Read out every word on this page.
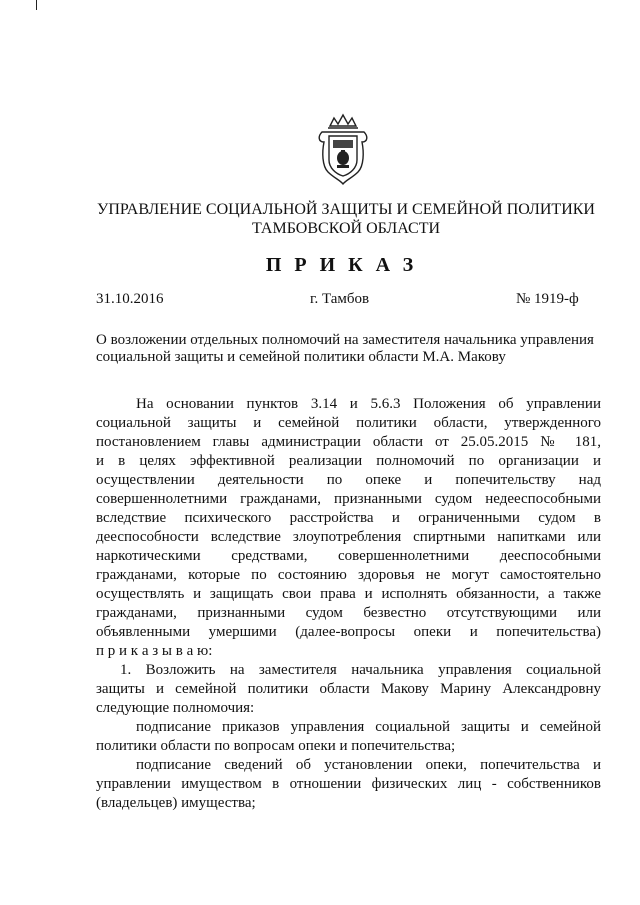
УПРАВЛЕНИЕ СОЦИАЛЬНОЙ ЗАЩИТЫ И СЕМЕЙНОЙ ПОЛИТИКИ
ТАМБОВСКОЙ ОБЛАСТИ
ПРИКАЗ
31.10.2016	г. Тамбов	№ 1919-ф

О возложении отдельных полномочий на заместителя начальника управления

социальной защиты и семейной политики области М.А. Макову

На основании пунктов 3.14 и 5.6.3 Положения об управлении
социальной защиты и семейной политики области, утвержденного
постановлением главы администрации области от 25.05.2015 № 181,
и в целях эффективной реализации полномочий по организации и
осуществлении деятельности по опеке и попечительству над
совершеннолетними гражданами, признанными судом недееспособными
вследствие психического расстройства и ограниченными судом в
дееспособности вследствие злоупотребления спиртными напитками или
наркотическими средствами, совершеннолетними дееспособными
гражданами, которые по состоянию здоровья не могут самостоятельно
осуществлять и защищать свои права и исполнять обязанности, а также
гражданами, признанными судом безвестно отсутствующими или
объявленными умершими (далее-вопросы опеки и попечительства)
п р и к а з ы в а ю:
1. Возложить на заместителя начальника управления социальной
защиты и семейной политики области Макову Марину Александровну
следующие полномочия:
подписание приказов управления социальной защиты и семейной
политики области по вопросам опеки и попечительства;
подписание сведений об установлении опеки, попечительства и
управлении имуществом в отношении физических лиц - собственников
(владельцев) имущества;
